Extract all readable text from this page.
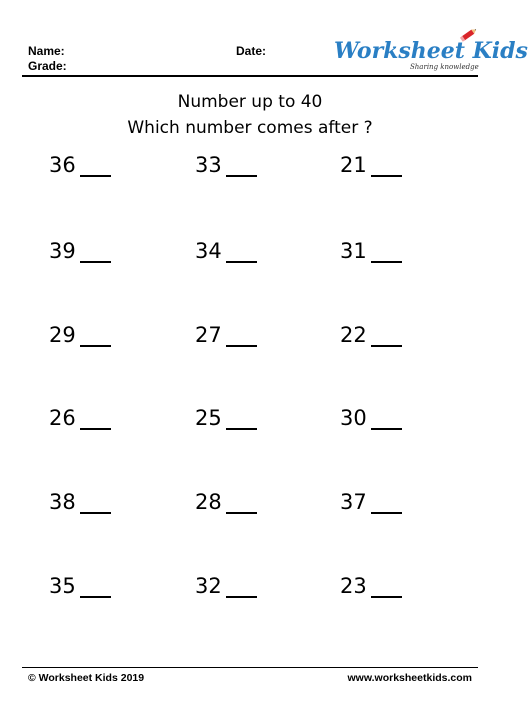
Name:
Grade:
Date:	Worksheet Kids
Sharing knowledge
Number up to 40
Which number comes after ?
36	33	21
39	34	31
29	27	22
26	25	30
38	28	37
35	32	23
© Worksheet Kids 2019	www.worksheetkids.com
